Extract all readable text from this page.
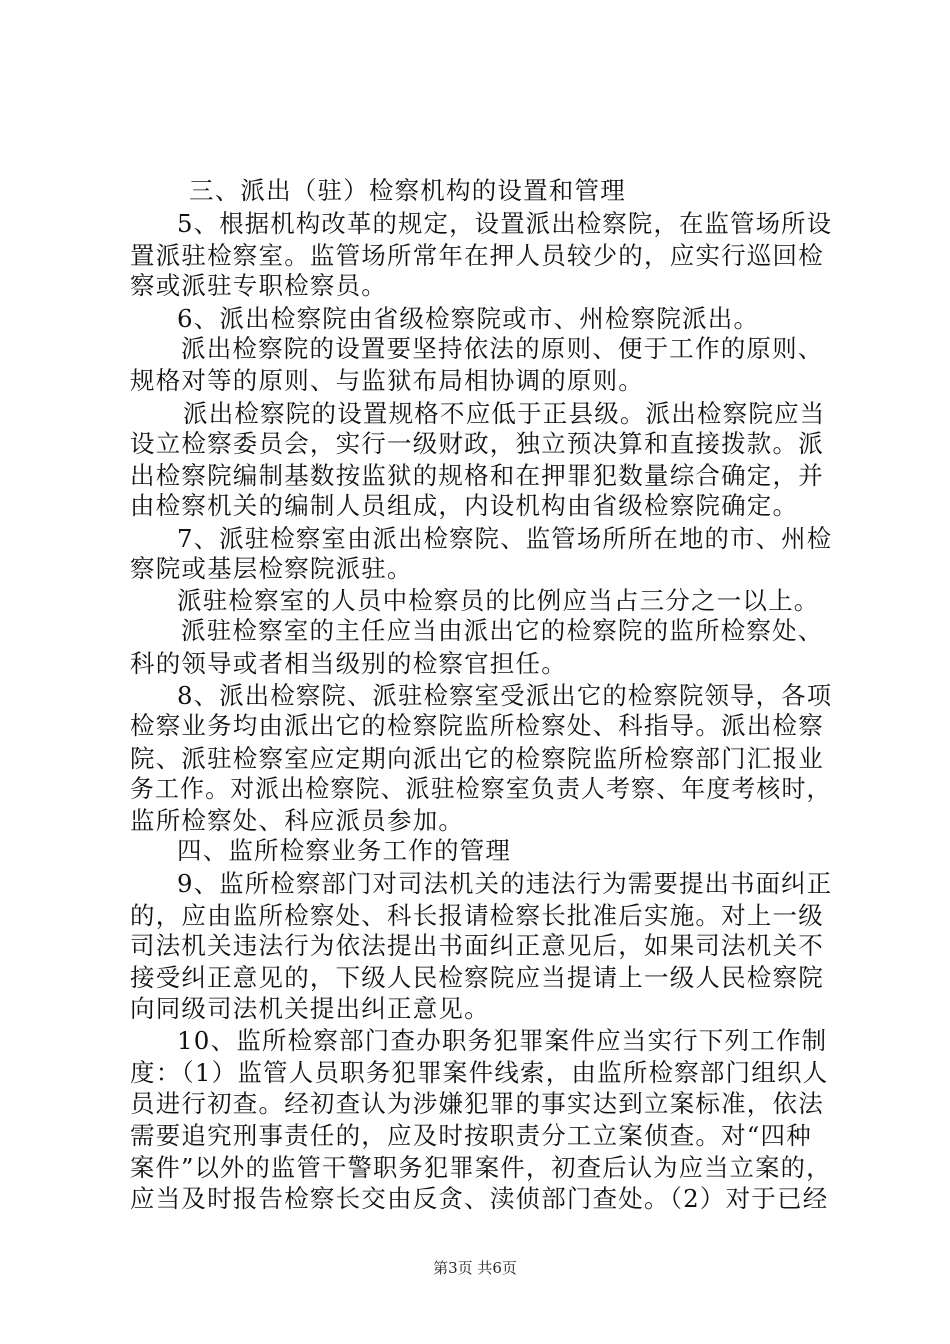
三、派出（驻）检察机构的设置和管理
5、根据机构改革的规定，设置派出检察院，在监管场所设
置派驻检察室。监管场所常年在押人员较少的，应实行巡回检
察或派驻专职检察员。
6、派出检察院由省级检察院或市、州检察院派出。
派出检察院的设置要坚持依法的原则、便于工作的原则、
规格对等的原则、与监狱布局相协调的原则。
派出检察院的设置规格不应低于正县级。派出检察院应当
设立检察委员会，实行一级财政，独立预决算和直接拨款。派
出检察院编制基数按监狱的规格和在押罪犯数量综合确定，并
由检察机关的编制人员组成，内设机构由省级检察院确定。
7、派驻检察室由派出检察院、监管场所所在地的市、州检
察院或基层检察院派驻。
派驻检察室的人员中检察员的比例应当占三分之一以上。
派驻检察室的主任应当由派出它的检察院的监所检察处、
科的领导或者相当级别的检察官担任。
8、派出检察院、派驻检察室受派出它的检察院领导，各项
检察业务均由派出它的检察院监所检察处、科指导。派出检察
院、派驻检察室应定期向派出它的检察院监所检察部门汇报业
务工作。对派出检察院、派驻检察室负责人考察、年度考核时，
监所检察处、科应派员参加。
四、监所检察业务工作的管理
9、监所检察部门对司法机关的违法行为需要提出书面纠正
的，应由监所检察处、科长报请检察长批准后实施。对上一级
司法机关违法行为依法提出书面纠正意见后，如果司法机关不
接受纠正意见的，下级人民检察院应当提请上一级人民检察院
向同级司法机关提出纠正意见。
10、监所检察部门查办职务犯罪案件应当实行下列工作制
度：（1）监管人员职务犯罪案件线索，由监所检察部门组织人
员进行初查。经初查认为涉嫌犯罪的事实达到立案标准，依法
需要追究刑事责任的，应及时按职责分工立案侦查。对“四种
案件”以外的监管干警职务犯罪案件，初查后认为应当立案的，
应当及时报告检察长交由反贪、渎侦部门查处。（2）对于已经
第3页 共6页
